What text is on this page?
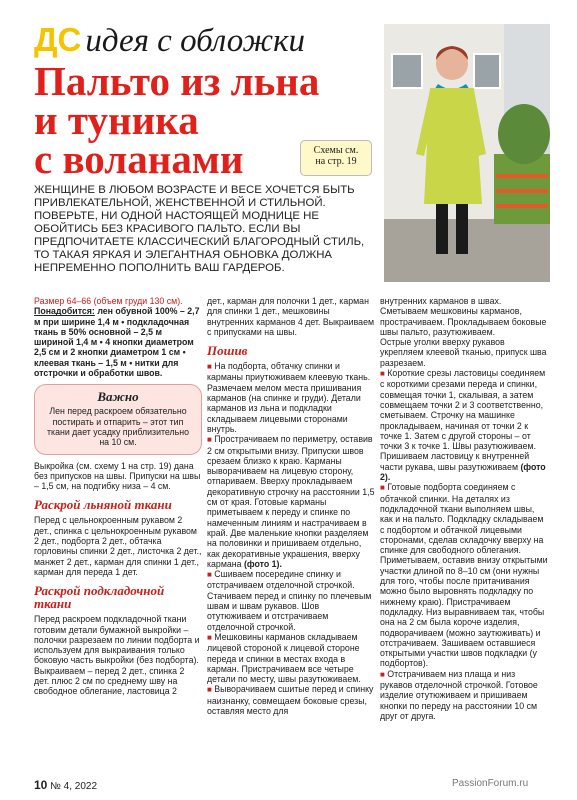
ДС идея с обложки
Пальто из льна
и туника
с воланами	Схемы см.
на стр. 19
ЖЕНЩИНЕ В ЛЮБОМ ВОЗРАСТЕ И ВЕСЕ ХОЧЕТСЯ БЫТЬ ПРИВЛЕКАТЕЛЬНОЙ, ЖЕНСТВЕННОЙ И СТИЛЬНОЙ. ПОВЕРЬТЕ, НИ ОДНОЙ НАСТОЯЩЕЙ МОДНИЦЕ НЕ ОБОЙТИСЬ БЕЗ КРАСИВОГО ПАЛЬТО. ЕСЛИ ВЫ ПРЕДПОЧИТАЕТЕ КЛАССИЧЕСКИЙ БЛАГОРОДНЫЙ СТИЛЬ, ТО ТАКАЯ ЯРКАЯ И ЭЛЕГАНТНАЯ ОБНОВКА ДОЛЖНА НЕПРЕМЕННО ПОПОЛНИТЬ ВАШ ГАРДЕРОБ.

Размер 64–66 (объем груди 130 см).

Понадобится: лен обувной 100% – 2,7 м при ширине 1,4 м • подкладочная ткань в 50% основной – 2,5 м шириной 1,4 м • 4 кнопки диаметром 2,5 см и 2 кнопки диаметром 1 см • клеевая ткань – 1,5 м • нитки для отстрочки и обработки швов.

Важно
Лен перед раскроем обязательно постирать и отпарить – этот тип ткани дает усадку приблизительно на 10 см.

Выкройка (см. схему 1 на стр. 19) дана без припусков на швы. Припуски на швы – 1,5 см, на подгибку низа – 4 см.

Раскрой льняной ткани

Перед с цельнокроенным рукавом 2 дет., спинка с цельнокроенным рукавом 2 дет., подборта 2 дет., обтачка горловины спинки 2 дет., листочка 2 дет., манжет 2 дет., карман для спинки 1 дет., карман для переда 1 дет.

Раскрой подкладочной ткани

Перед раскроем подкладочной ткани готовим детали бумажной выкройки – полочки разрезаем по линии подборта и используем для выкраивания только боковую часть выкройки (без подборта). Выкраиваем – перед 2 дет., спинка 2 дет. плюс 2 см по среднему шву на свободное облегание, ластовица 2

дет., карман для полочки 1 дет., карман для спинки 1 дет., мешковины внутренних карманов 4 дет. Выкраиваем с припусками на швы.

Пошив

■ На подборта, обтачку спинки и карманы приутюживаем клеевую ткань. Размечаем мелом места пришивания карманов (на спинке и груди). Детали карманов из льна и подкладки складываем лицевыми сторонами внутрь.

■ Прострачиваем по периметру, оставив 2 см открытыми внизу. Припуски швов срезаем близко к краю. Карманы выворачиваем на лицевую сторону, отпариваем. Вверху прокладываем декоративную строчку на расстоянии 1,5 см от края. Готовые карманы приметываем к переду и спинке по намеченным линиям и настрачиваем в край. Две маленькие кнопки разделяем на половинки и пришиваем отдельно, как декоративные украшения, вверху кармана (фото 1).

■ Сшиваем посередине спинку и отстрачиваем отделочной строчкой. Стачиваем перед и спинку по плечевым швам и швам рукавов. Шов отутюживаем и отстрачиваем отделочной строчкой.

■ Мешковины карманов складываем лицевой стороной к лицевой стороне переда и спинки в местах входа в карман. Пристрачиваем все четыре детали по месту, швы разутюживаем.

■ Выворачиваем сшитые перед и спинку наизнанку, совмещаем боковые срезы, оставляя место для

внутренних карманов в швах. Сметываем мешковины карманов, прострачиваем. Прокладываем боковые швы пальто, разутюживаем.

Острые уголки вверху рукавов укрепляем клеевой тканью, припуск шва разрезаем.

■ Короткие срезы ластовицы соединяем с короткими срезами переда и спинки, совмещая точки 1, скалывая, а затем совмещаем точки 2 и 3 соответственно, сметываем. Строчку на машинке прокладываем, начиная от точки 2 к точке 1. Затем с другой стороны – от точки 3 к точке 1. Швы разутюживаем. Пришиваем ластовицу к внутренней части рукава, швы разутюживаем (фото 2).

■ Готовые подборта соединяем с обтачкой спинки. На деталях из подкладочной ткани выполняем швы, как и на пальто. Подкладку складываем с подбортом и обтачкой лицевыми сторонами, сделав складочку вверху на спинке для свободного облегания. Приметываем, оставив внизу открытыми участки длиной по 8–10 см (они нужны для того, чтобы после притачивания можно было выровнять подкладку по нижнему краю). Пристрачиваем подкладку. Низ выравниваем так, чтобы она на 2 см была короче изделия, подворачиваем (можно заутюживать) и отстрачиваем. Зашиваем оставшиеся открытыми участки швов подкладки (у подбортов).

■ Отстрачиваем низ плаща и низ рукавов отделочной строчкой. Готовое изделие отутюживаем и пришиваем кнопки по переду на расстоянии 10 см друг от друга.

10 № 4, 2022	PassionForum.ru
